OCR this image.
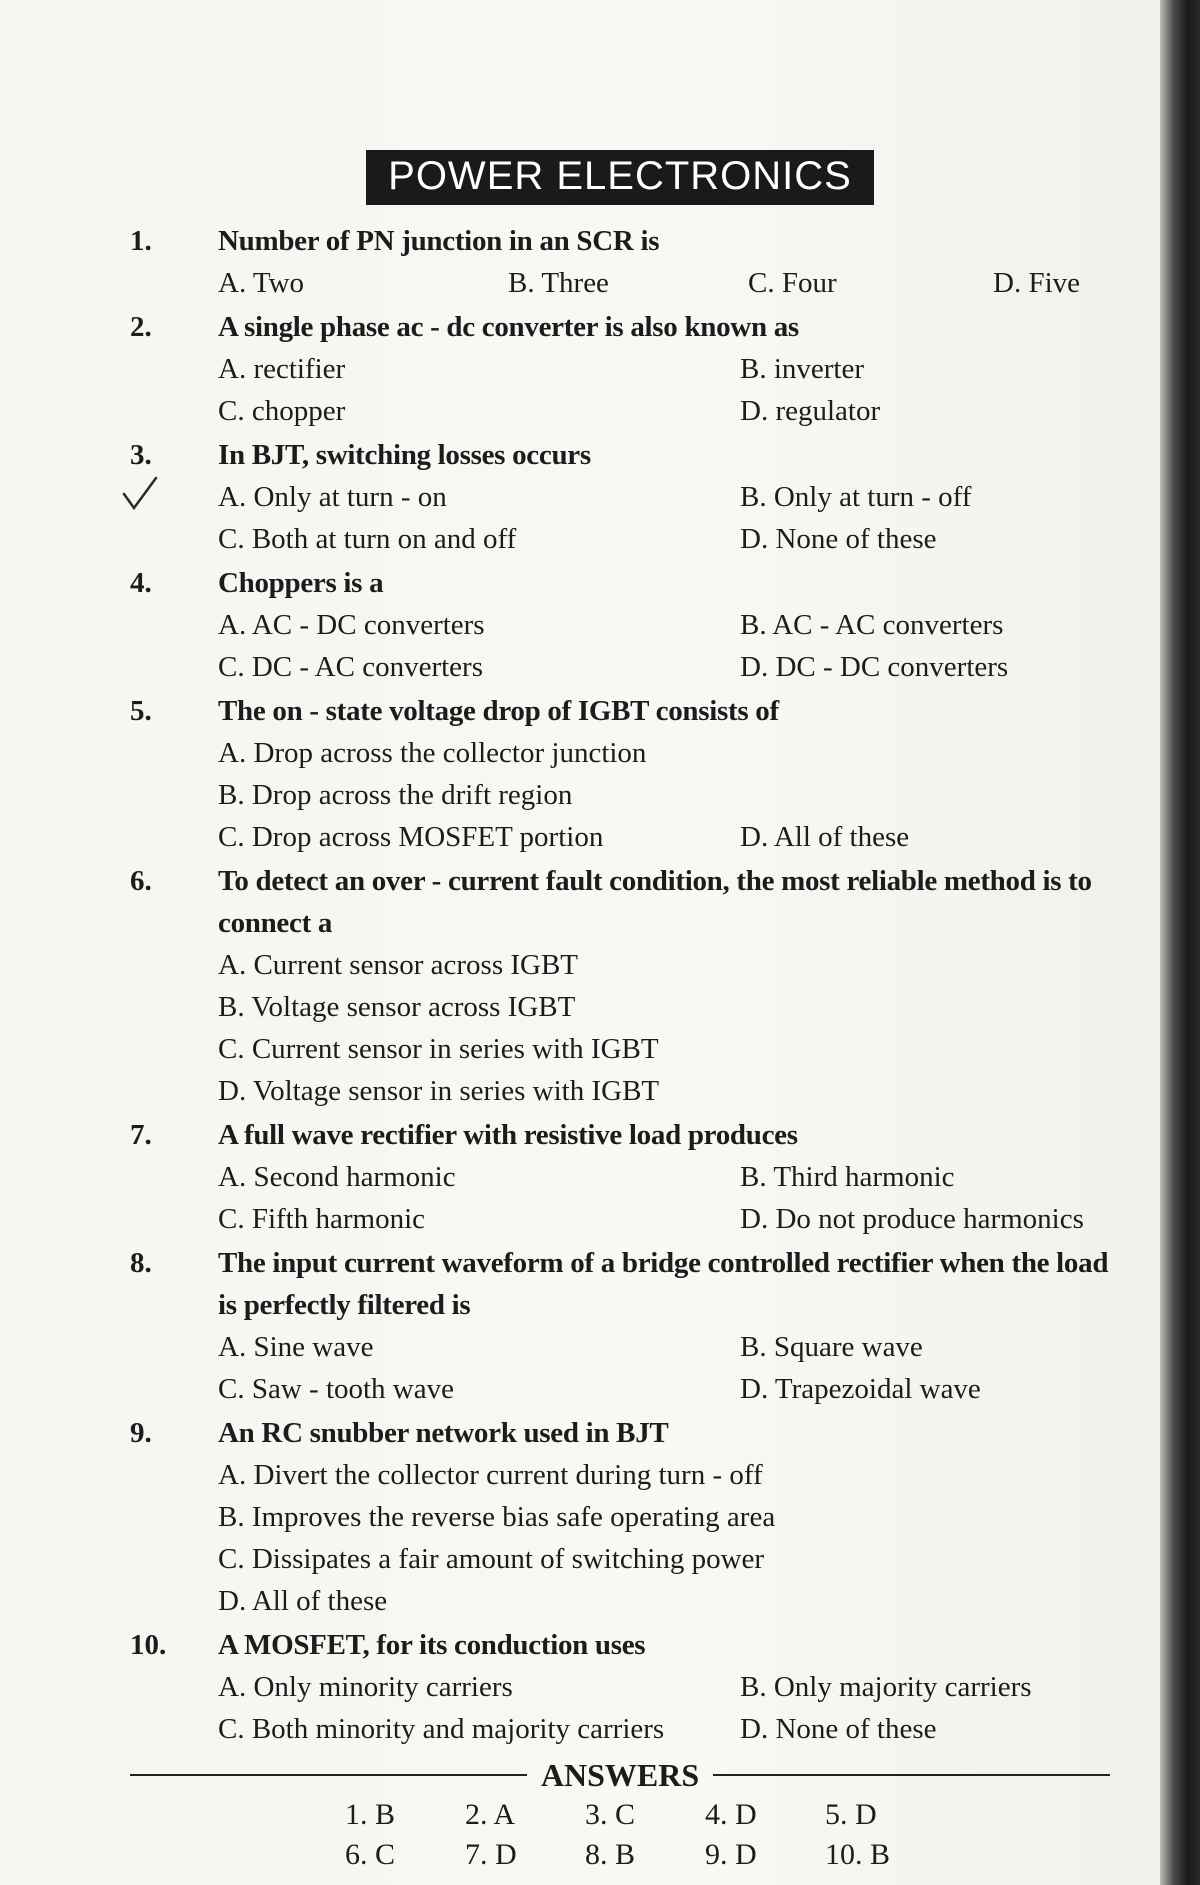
POWER ELECTRONICS
1.	Number of PN junction in an SCR is
A. Two	B. Three	C. Four	D. Five
2.	A single phase ac - dc converter is also known as
A. rectifier	B. inverter
C. chopper	D. regulator
3.	In BJT, switching losses occurs
A. Only at turn - on	B. Only at turn - off
C. Both at turn on and off	D. None of these
4.	Choppers is a
A. AC - DC converters	B. AC - AC converters
C. DC - AC converters	D. DC - DC converters
5.	The on - state voltage drop of IGBT consists of
A. Drop across the collector junction
B. Drop across the drift region
C. Drop across MOSFET portion	D. All of these
6.	To detect an over - current fault condition, the most reliable method is to connect a
A. Current sensor across IGBT
B. Voltage sensor across IGBT
C. Current sensor in series with IGBT
D. Voltage sensor in series with IGBT
7.	A full wave rectifier with resistive load produces
A. Second harmonic	B. Third harmonic
C. Fifth harmonic	D. Do not produce harmonics
8.	The input current waveform of a bridge controlled rectifier when the load is perfectly filtered is
A. Sine wave	B. Square wave
C. Saw - tooth wave	D. Trapezoidal wave
9.	An RC snubber network used in BJT
A. Divert the collector current during turn - off
B. Improves the reverse bias safe operating area
C. Dissipates a fair amount of switching power
D. All of these
10.	A MOSFET, for its conduction uses
A. Only minority carriers	B. Only majority carriers
C. Both minority and majority carriers	D. None of these
ANSWERS
1. B	2. A	3. C	4. D	5. D
6. C	7. D	8. B	9. D	10. B
